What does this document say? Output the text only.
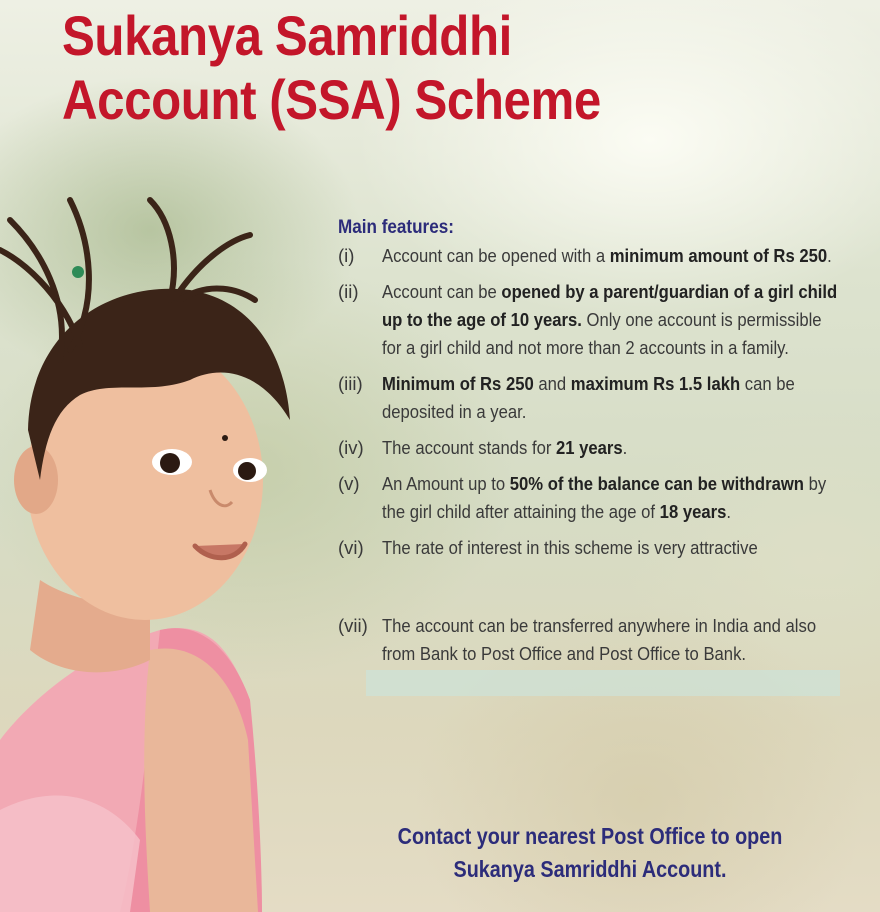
Sukanya Samriddhi
Account (SSA) Scheme
Main features:
(i) Account can be opened with a minimum amount of Rs 250.
(ii) Account can be opened by a parent/guardian of a girl child up to the age of 10 years. Only one account is permissible for a girl child and not more than 2 accounts in a family.
(iii) Minimum of Rs 250 and maximum Rs 1.5 lakh can be deposited in a year.
(iv) The account stands for 21 years.
(v) An Amount up to 50% of the balance can be withdrawn by the girl child after attaining the age of 18 years.
(vi) The rate of interest in this scheme is very attractive
(vii) The account can be transferred anywhere in India and also from Bank to Post Office and Post Office to Bank.
Contact your nearest Post Office to open
Sukanya Samriddhi Account.
